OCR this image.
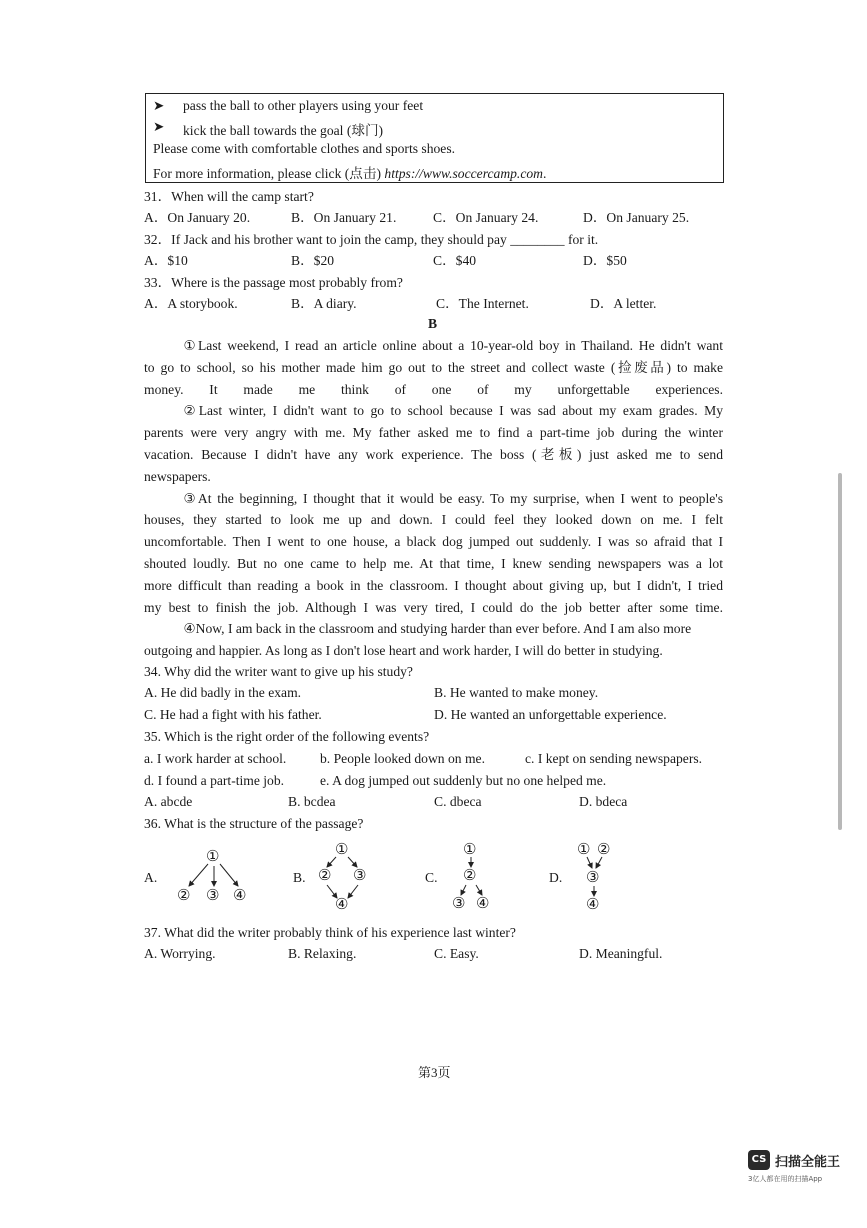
➤ pass the ball to other players using your feet
➤ kick the ball towards the goal (球门)
Please come with comfortable clothes and sports shoes.
For more information, please click (点击) https://www.soccercamp.com.
31．When will the camp start?
A．On January 20.	B．On January 21.	C．On January 24.	D．On January 25.
32．If Jack and his brother want to join the camp, they should pay ________ for it.
A．$10	B．$20	C．$40	D．$50
33．Where is the passage most probably from?
A．A storybook.	B．A diary.	C．The Internet.	D．A letter.
B

①Last weekend, I read an article online about a 10-year-old boy in Thailand. He didn't want
to go to school, so his mother made him go out to the street and collect waste (捡废品) to make
money. It made me think of one of my unforgettable experiences.

②Last winter, I didn't want to go to school because I was sad about my exam grades. My
parents were very angry with me. My father asked me to find a part-time job during the winter
vacation. Because I didn't have any work experience. The boss (老板) just asked me to send
newspapers.

③At the beginning, I thought that it would be easy. To my surprise, when I went to people's
houses, they started to look me up and down. I could feel they looked down on me. I felt
uncomfortable. Then I went to one house, a black dog jumped out suddenly. I was so afraid that I
shouted loudly. But no one came to help me. At that time, I knew sending newspapers was a lot
more difficult than reading a book in the classroom. I thought about giving up, but I didn't, I tried
my best to finish the job. Although I was very tired, I could do the job better after some time.

④Now, I am back in the classroom and studying harder than ever before. And I am also more
outgoing and happier. As long as I don't lose heart and work harder, I will do better in studying.

34. Why did the writer want to give up his study?
A. He did badly in the exam.	B. He wanted to make money.
C. He had a fight with his father.	D. He wanted an unforgettable experience.
35. Which is the right order of the following events?
a. I work harder at school. b. People looked down on me.	c. I kept on sending newspapers.
d. I found a part-time job.	e. A dog jumped out suddenly but no one helped me.
A. abcde	B. bcdea	C. dbeca	D. bdeca
36. What is the structure of the passage?
A.	B.	C.	D.
①
② ③ ④
①
② ③
④
①
②
③ ④
① ②
③
④
37. What did the writer probably think of his experience last winter?
A. Worrying.	B. Relaxing.	C. Easy.	D. Meaningful.
第3页
CS 扫描全能王
3亿人都在用的扫描App
